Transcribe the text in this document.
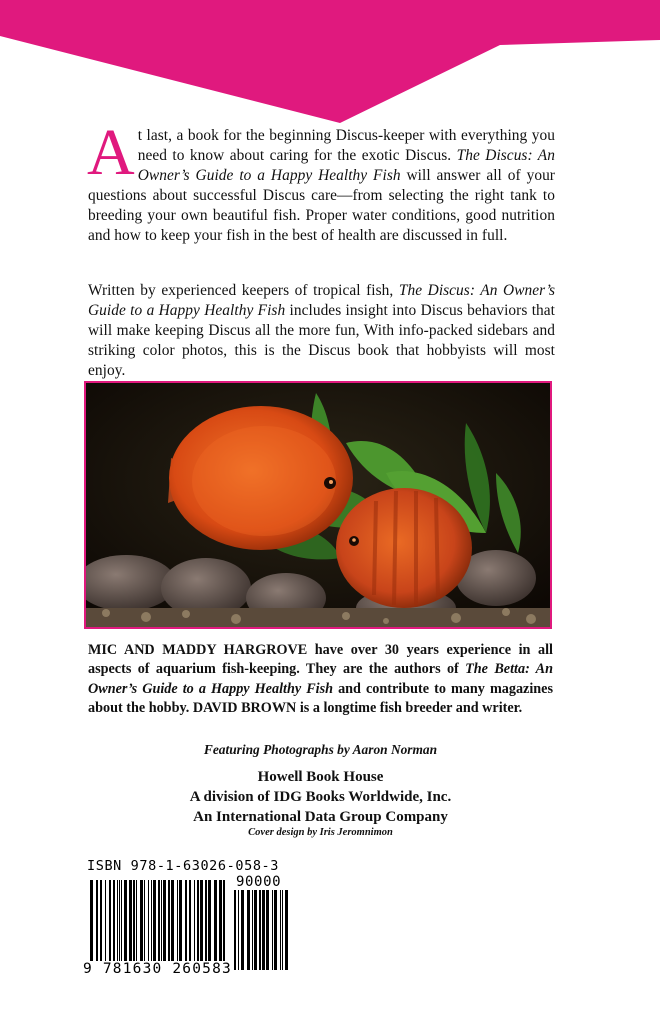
At last, a book for the beginning Discus-keeper with everything you need to know about caring for the exotic Discus. The Discus: An Owner’s Guide to a Happy Healthy Fish will answer all of your questions about successful Discus care—from selecting the right tank to breeding your own beautiful fish. Proper water conditions, good nutrition and how to keep your fish in the best of health are discussed in full.

Written by experienced keepers of tropical fish, The Discus: An Owner’s Guide to a Happy Healthy Fish includes insight into Discus behaviors that will make keeping Discus all the more fun, With info-packed sidebars and striking color photos, this is the Discus book that hobbyists will most enjoy.

MIC AND MADDY HARGROVE have over 30 years experience in all aspects of aquarium fish-keeping. They are the authors of The Betta: An Owner’s Guide to a Happy Healthy Fish and contribute to many magazines about the hobby. DAVID BROWN is a longtime fish breeder and writer.

Featuring Photographs by Aaron Norman

Howell Book House
A division of IDG Books Worldwide, Inc.
An International Data Group Company

Cover design by Iris Jeromnimon

ISBN 978-1-63026-058-3
90000
9 781630 260583
